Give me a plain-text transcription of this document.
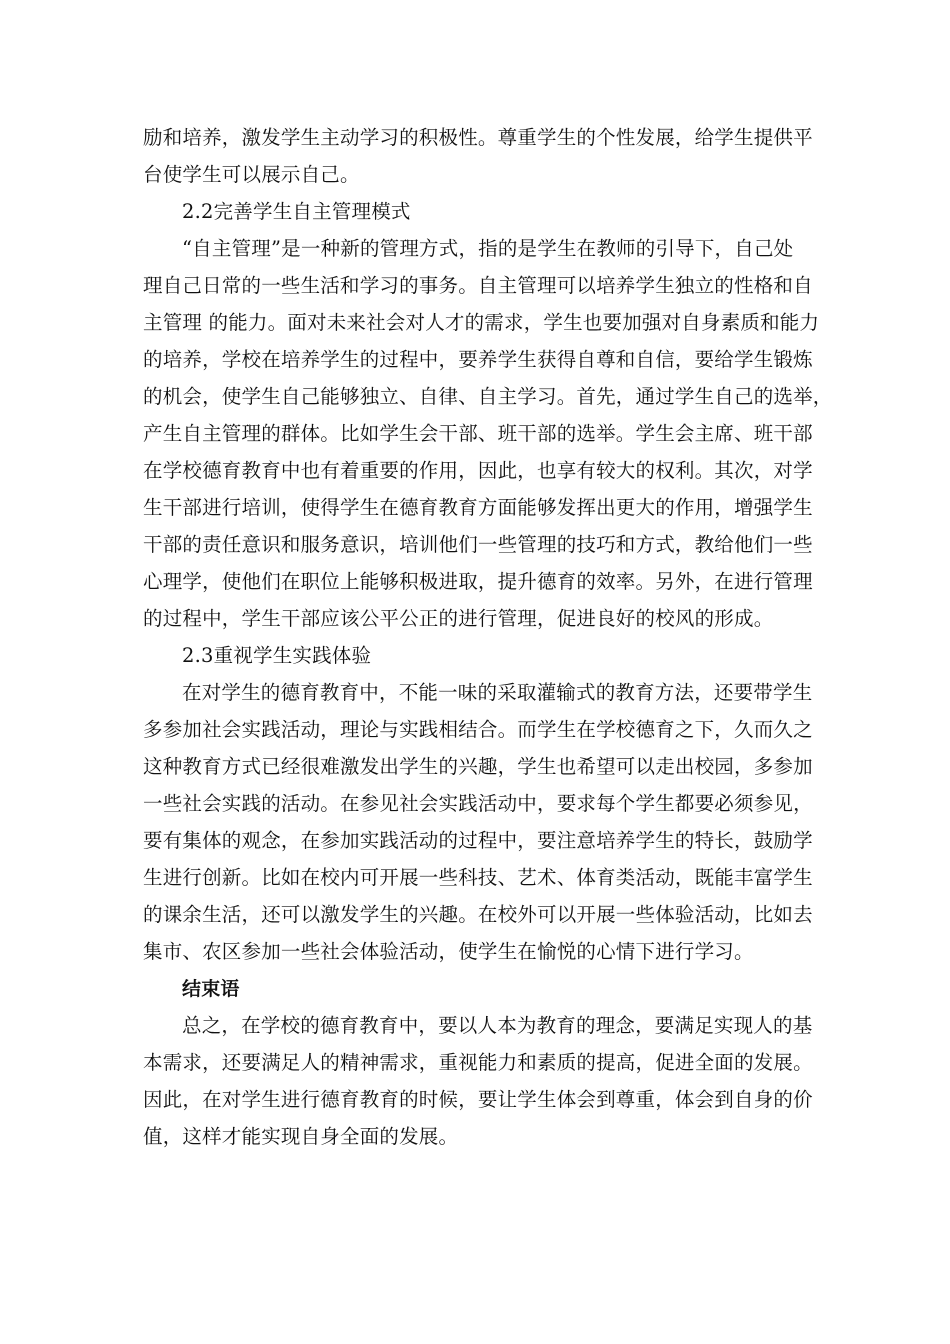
励和培养，激发学生主动学习的积极性。尊重学生的个性发展，给学生提供平
台使学生可以展示自己。
2.2完善学生自主管理模式
“自主管理”是一种新的管理方式，指的是学生在教师的引导下，自己处
理自己日常的一些生活和学习的事务。自主管理可以培养学生独立的性格和自
主管理 的能力。面对未来社会对人才的需求，学生也要加强对自身素质和能力
的培养，学校在培养学生的过程中，要养学生获得自尊和自信，要给学生锻炼
的机会，使学生自己能够独立、自律、自主学习。首先，通过学生自己的选举，
产生自主管理的群体。比如学生会干部、班干部的选举。学生会主席、班干部
在学校德育教育中也有着重要的作用，因此，也享有较大的权利。其次，对学
生干部进行培训，使得学生在德育教育方面能够发挥出更大的作用，增强学生
干部的责任意识和服务意识，培训他们一些管理的技巧和方式，教给他们一些
心理学，使他们在职位上能够积极进取，提升德育的效率。另外，在进行管理
的过程中，学生干部应该公平公正的进行管理，促进良好的校风的形成。
2.3重视学生实践体验
在对学生的德育教育中，不能一味的采取灌输式的教育方法，还要带学生
多参加社会实践活动，理论与实践相结合。而学生在学校德育之下，久而久之
这种教育方式已经很难激发出学生的兴趣，学生也希望可以走出校园，多参加
一些社会实践的活动。在参见社会实践活动中，要求每个学生都要必须参见，
要有集体的观念，在参加实践活动的过程中，要注意培养学生的特长，鼓励学
生进行创新。比如在校内可开展一些科技、艺术、体育类活动，既能丰富学生
的课余生活，还可以激发学生的兴趣。在校外可以开展一些体验活动，比如去
集市、农区参加一些社会体验活动，使学生在愉悦的心情下进行学习。
结束语
总之，在学校的德育教育中，要以人本为教育的理念，要满足实现人的基
本需求，还要满足人的精神需求，重视能力和素质的提高，促进全面的发展。
因此，在对学生进行德育教育的时候，要让学生体会到尊重，体会到自身的价
值，这样才能实现自身全面的发展。
